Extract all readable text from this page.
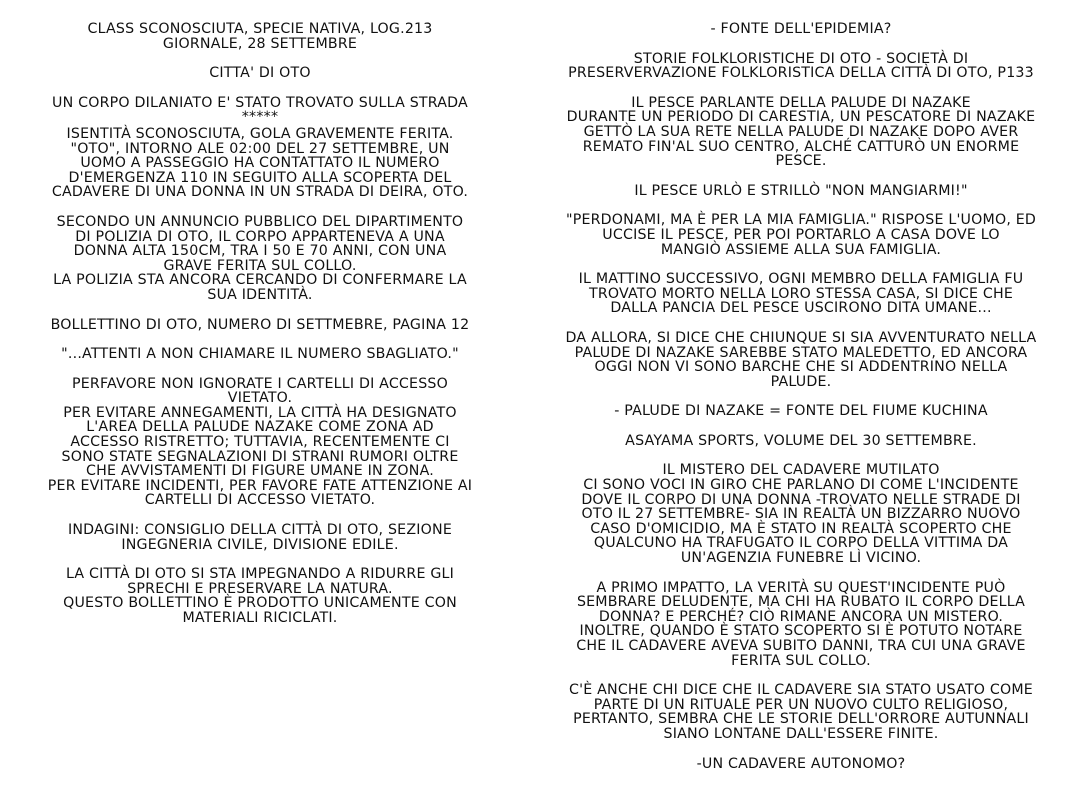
CLASS SCONOSCIUTA, SPECIE NATIVA, LOG.213
GIORNALE, 28 SETTEMBRE
CITTA' DI OTO
UN CORPO DILANIATO E' STATO TROVATO SULLA STRADA
*****
ISENTITÀ SCONOSCIUTA, GOLA GRAVEMENTE FERITA.
"OTO", INTORNO ALE 02:00 DEL 27 SETTEMBRE, UN
UOMO A PASSEGGIO HA CONTATTATO IL NUMERO
D'EMERGENZA 110 IN SEGUITO ALLA SCOPERTA DEL
CADAVERE DI UNA DONNA IN UN STRADA DI DEIRA, OTO.
SECONDO UN ANNUNCIO PUBBLICO DEL DIPARTIMENTO
DI POLIZIA DI OTO, IL CORPO APPARTENEVA A UNA
DONNA ALTA 150CM, TRA I 50 E 70 ANNI, CON UNA
GRAVE FERITA SUL COLLO.
LA POLIZIA STA ANCORA CERCANDO DI CONFERMARE LA
SUA IDENTITÀ.
BOLLETTINO DI OTO, NUMERO DI SETTMEBRE, PAGINA 12
"...ATTENTI A NON CHIAMARE IL NUMERO SBAGLIATO."
PERFAVORE NON IGNORATE I CARTELLI DI ACCESSO
VIETATO.
PER EVITARE ANNEGAMENTI, LA CITTÀ HA DESIGNATO
L'AREA DELLA PALUDE NAZAKE COME ZONA AD
ACCESSO RISTRETTO; TUTTAVIA, RECENTEMENTE CI
SONO STATE SEGNALAZIONI DI STRANI RUMORI OLTRE
CHE AVVISTAMENTI DI FIGURE UMANE IN ZONA.
PER EVITARE INCIDENTI, PER FAVORE FATE ATTENZIONE AI
CARTELLI DI ACCESSO VIETATO.
INDAGINI: CONSIGLIO DELLA CITTÀ DI OTO, SEZIONE
INGEGNERIA CIVILE, DIVISIONE EDILE.
LA CITTÀ DI OTO SI STA IMPEGNANDO A RIDURRE GLI
SPRECHI E PRESERVARE LA NATURA.
QUESTO BOLLETTINO È PRODOTTO UNICAMENTE CON
MATERIALI RICICLATI.
- FONTE DELL'EPIDEMIA?
STORIE FOLKLORISTICHE DI OTO - SOCIETÀ DI
PRESERVERVAZIONE FOLKLORISTICA DELLA CITTÀ DI OTO, P133
IL PESCE PARLANTE DELLA PALUDE DI NAZAKE
DURANTE UN PERIODO DI CARESTIA, UN PESCATORE DI NAZAKE
GETTÒ LA SUA RETE NELLA PALUDE DI NAZAKE DOPO AVER
REMATO FIN'AL SUO CENTRO, ALCHÉ CATTURÒ UN ENORME
PESCE.
IL PESCE URLÒ E STRILLÒ "NON MANGIARMI!"
"PERDONAMI, MA È PER LA MIA FAMIGLIA." RISPOSE L'UOMO, ED
UCCISE IL PESCE, PER POI PORTARLO A CASA DOVE LO
MANGIÒ ASSIEME ALLA SUA FAMIGLIA.
IL MATTINO SUCCESSIVO, OGNI MEMBRO DELLA FAMIGLIA FU
TROVATO MORTO NELLA LORO STESSA CASA, SI DICE CHE
DALLA PANCIA DEL PESCE USCIRONO DITA UMANE...
DA ALLORA, SI DICE CHE CHIUNQUE SI SIA AVVENTURATO NELLA
PALUDE DI NAZAKE SAREBBE STATO MALEDETTO, ED ANCORA
OGGI NON VI SONO BARCHE CHE SI ADDENTRINO NELLA
PALUDE.
- PALUDE DI NAZAKE = FONTE DEL FIUME KUCHINA
ASAYAMA SPORTS, VOLUME DEL 30 SETTEMBRE.
IL MISTERO DEL CADAVERE MUTILATO
CI SONO VOCI IN GIRO CHE PARLANO DI COME L'INCIDENTE
DOVE IL CORPO DI UNA DONNA -TROVATO NELLE STRADE DI
OTO IL 27 SETTEMBRE- SIA IN REALTÀ UN BIZZARRO NUOVO
CASO D'OMICIDIO, MA È STATO IN REALTÀ SCOPERTO CHE
QUALCUNO HA TRAFUGATO IL CORPO DELLA VITTIMA DA
UN'AGENZIA FUNEBRE LÌ VICINO.
A PRIMO IMPATTO, LA VERITÀ SU QUEST'INCIDENTE PUÒ
SEMBRARE DELUDENTE, MA CHI HA RUBATO IL CORPO DELLA
DONNA? E PERCHÉ? CIÒ RIMANE ANCORA UN MISTERO.
INOLTRE, QUANDO È STATO SCOPERTO SI È POTUTO NOTARE
CHE IL CADAVERE AVEVA SUBITO DANNI, TRA CUI UNA GRAVE
FERITA SUL COLLO.
C'È ANCHE CHI DICE CHE IL CADAVERE SIA STATO USATO COME
PARTE DI UN RITUALE PER UN NUOVO CULTO RELIGIOSO,
PERTANTO, SEMBRA CHE LE STORIE DELL'ORRORE AUTUNNALI
SIANO LONTANE DALL'ESSERE FINITE.
-UN CADAVERE AUTONOMO?
